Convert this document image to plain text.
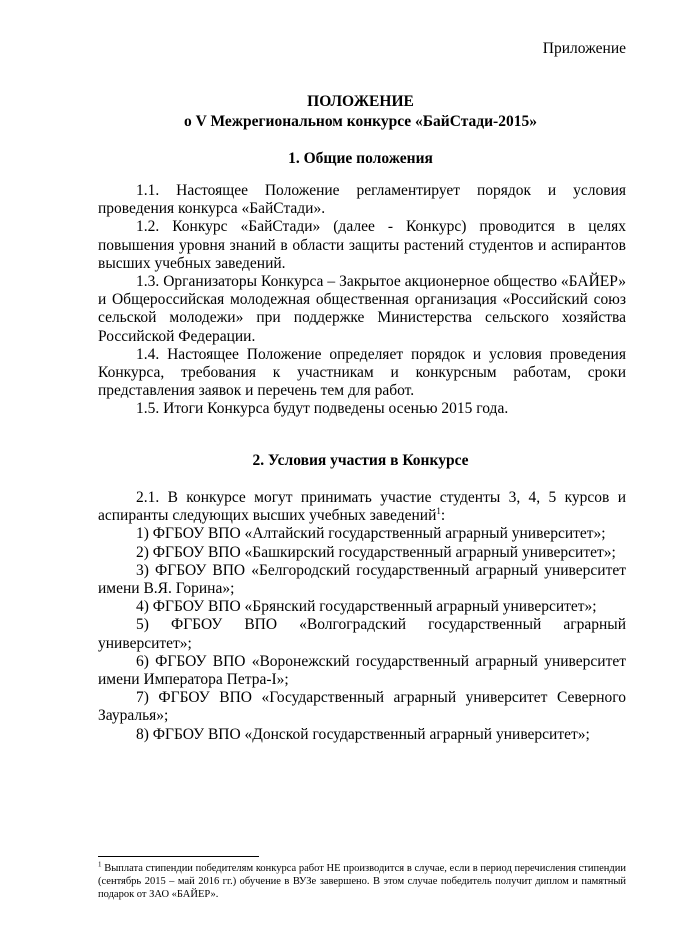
Приложение
ПОЛОЖЕНИЕ
о V Межрегиональном конкурсе «БайСтади-2015»
1. Общие положения

1.1. Настоящее Положение регламентирует порядок и условия проведения конкурса «БайСтади».

1.2. Конкурс «БайСтади» (далее - Конкурс) проводится в целях повышения уровня знаний в области защиты растений студентов и аспирантов высших учебных заведений.

1.3. Организаторы Конкурса – Закрытое акционерное общество «БАЙЕР» и Общероссийская молодежная общественная организация «Российский союз сельской молодежи» при поддержке Министерства сельского хозяйства Российской Федерации.

1.4. Настоящее Положение определяет порядок и условия проведения Конкурса, требования к участникам и конкурсным работам, сроки представления заявок и перечень тем для работ.

1.5. Итоги Конкурса будут подведены осенью 2015 года.

2. Условия участия в Конкурсе

2.1. В конкурсе могут принимать участие студенты 3, 4, 5 курсов и аспиранты следующих высших учебных заведений$^1$:

1) ФГБОУ ВПО «Алтайский государственный аграрный университет»;

2) ФГБОУ ВПО «Башкирский государственный аграрный университет»;

3) ФГБОУ ВПО «Белгородский государственный аграрный университет имени В.Я. Горина»;

4) ФГБОУ ВПО «Брянский государственный аграрный университет»;

5) ФГБОУ ВПО «Волгоградский государственный аграрный университет»;

6) ФГБОУ ВПО «Воронежский государственный аграрный университет имени Императора Петра-I»;

7) ФГБОУ ВПО «Государственный аграрный университет Северного Зауралья»;

8) ФГБОУ ВПО «Донской государственный аграрный университет»;

$^1$ Выплата стипендии победителям конкурса работ НЕ производится в случае, если в период перечисления стипендии (сентябрь 2015 – май 2016 гг.) обучение в ВУЗе завершено. В этом случае победитель получит диплом и памятный подарок от ЗАО «БАЙЕР».
